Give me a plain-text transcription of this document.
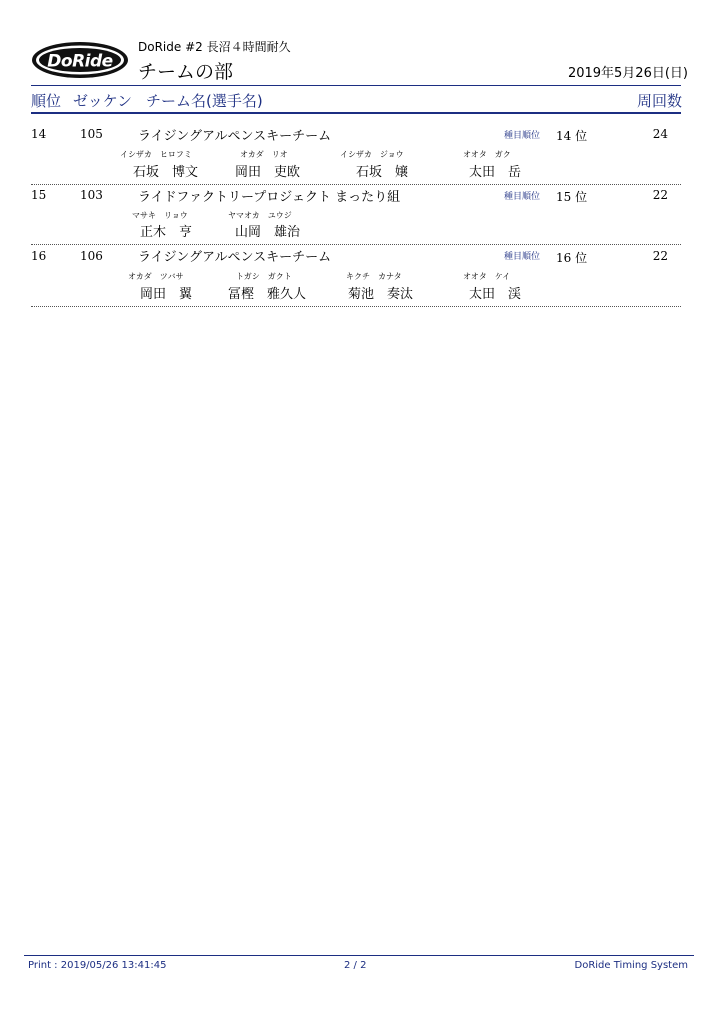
DoRide
DoRide #2 長沼４時間耐久
チームの部	2019年5月26日(日)
順位 ゼッケン チーム名(選手名)	周回数
14	105	ライジングアルペンスキーチーム	種目順位 14 位	24
イシザカ　ヒロフミ	オカダ　リオ	イシザカ　ジョウ	オオタ　ガク
石坂　博文	岡田　吏欧	石坂　嬢	太田　岳
15	103	ライドファクトリープロジェクト まったり組	種目順位 15 位	22
マサキ　リョウ	ヤマオカ　ユウジ
正木　亨	山岡　雄治
16	106	ライジングアルペンスキーチーム	種目順位 16 位	22
オカダ　ツバサ	トガシ　ガクト	キクチ　カナタ	オオタ　ケイ
岡田　翼	冨樫　雅久人	菊池　奏汰	太田　渓
Print : 2019/05/26 13:41:45	2 / 2	DoRide Timing System
